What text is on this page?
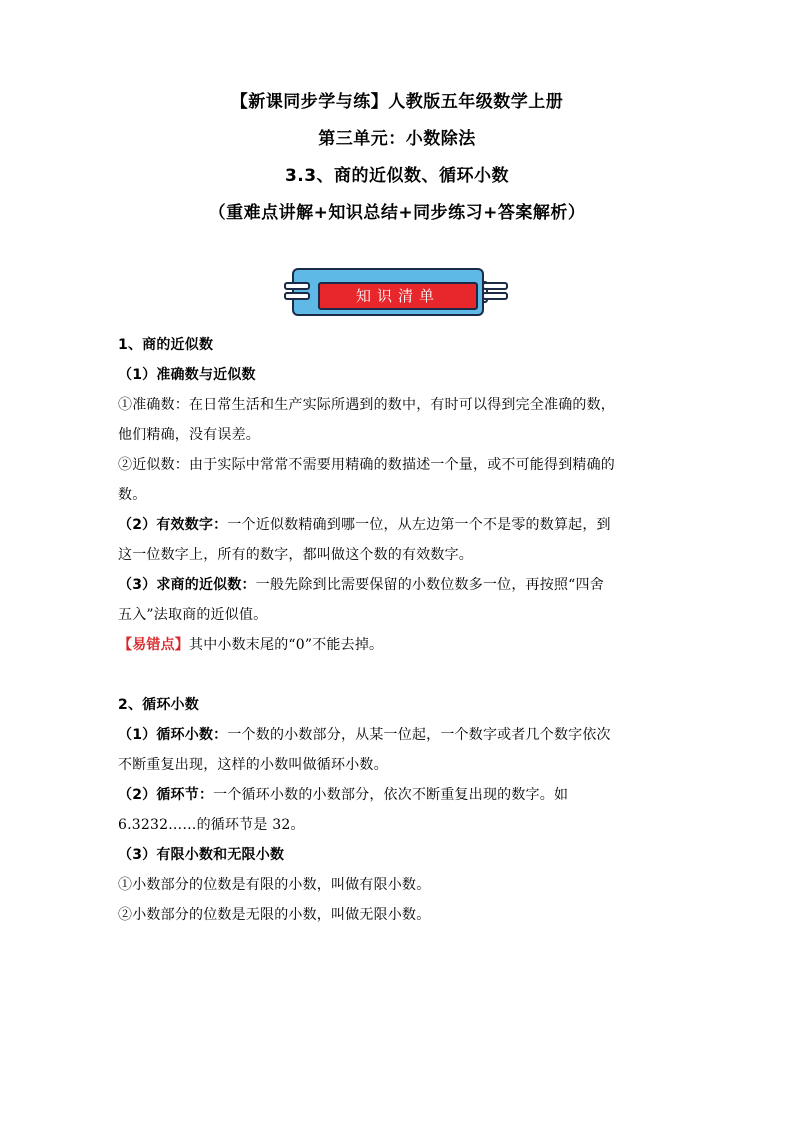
【新课同步学与练】人教版五年级数学上册

第三单元：小数除法

3.3、商的近似数、循环小数

（重难点讲解+知识总结+同步练习+答案解析）

知识清单

1、商的近似数

（1）准确数与近似数

①准确数：在日常生活和生产实际所遇到的数中，有时可以得到完全准确的数，

他们精确，没有误差。

②近似数：由于实际中常常不需要用精确的数描述一个量，或不可能得到精确的

数。

（2）有效数字：一个近似数精确到哪一位，从左边第一个不是零的数算起，到

这一位数字上，所有的数字，都叫做这个数的有效数字。

（3）求商的近似数：一般先除到比需要保留的小数位数多一位，再按照“四舍

五入”法取商的近似值。

【易错点】其中小数末尾的“0”不能去掉。

2、循环小数

（1）循环小数：一个数的小数部分，从某一位起，一个数字或者几个数字依次

不断重复出现，这样的小数叫做循环小数。

（2）循环节：一个循环小数的小数部分，依次不断重复出现的数字。如

6.3232……的循环节是 32。

（3）有限小数和无限小数

①小数部分的位数是有限的小数，叫做有限小数。

②小数部分的位数是无限的小数，叫做无限小数。
